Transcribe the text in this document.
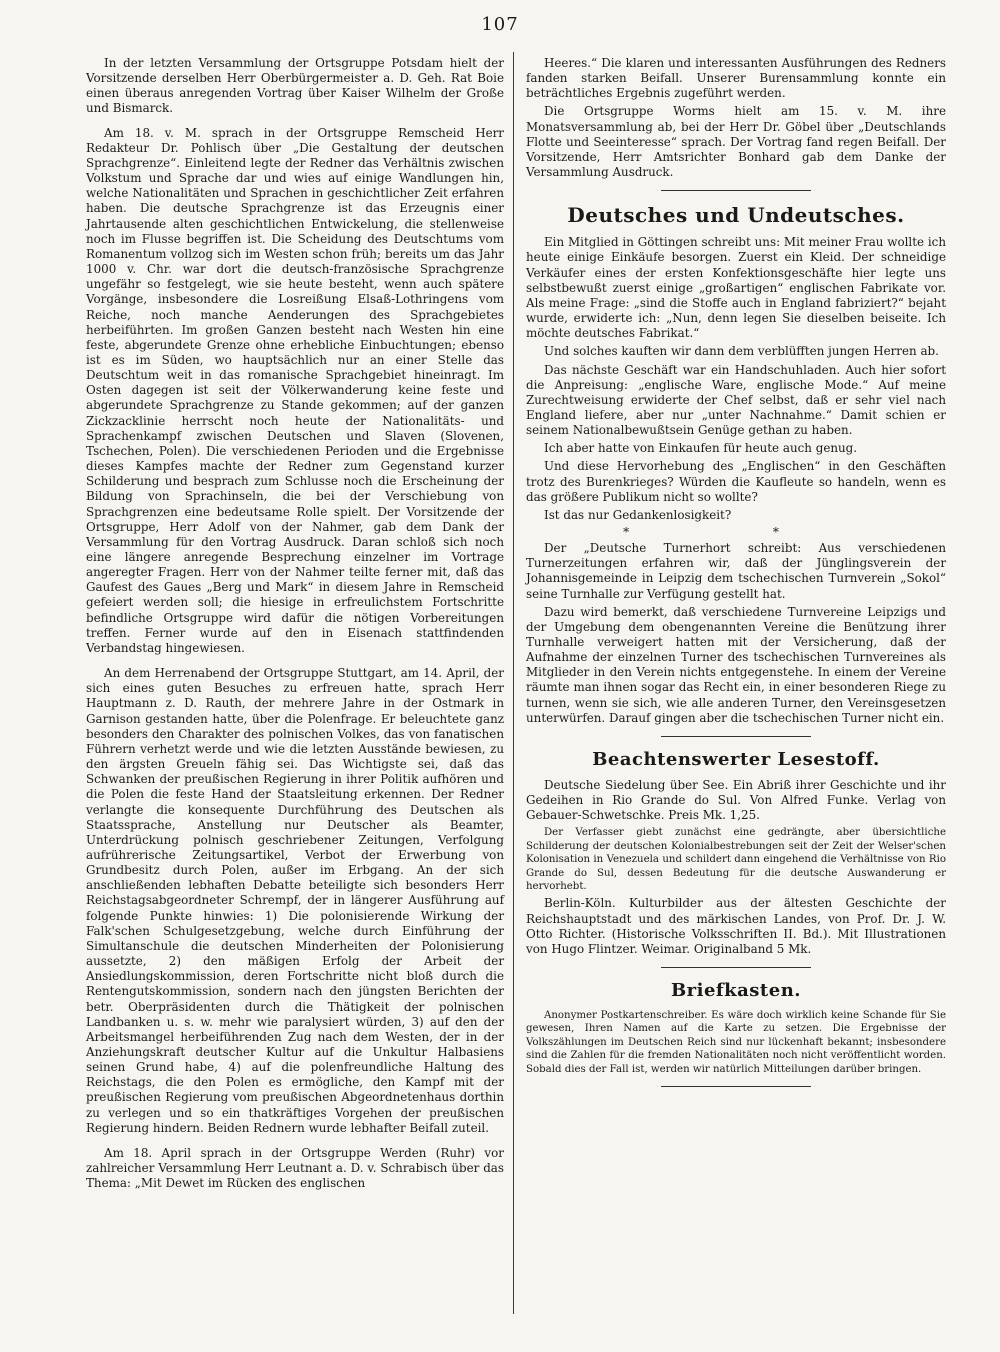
107

In der letzten Versammlung der Ortsgruppe Potsdam hielt der Vorsitzende derselben Herr Oberbürgermeister a. D. Geh. Rat Boie einen überaus anregenden Vortrag über Kaiser Wilhelm der Große und Bismarck.

Am 18. v. M. sprach in der Ortsgruppe Remscheid Herr Redakteur Dr. Pohlisch über „Die Gestaltung der deutschen Sprachgrenze“. Einleitend legte der Redner das Verhältnis zwischen Volkstum und Sprache dar und wies auf einige Wandlungen hin, welche Nationalitäten und Sprachen in geschichtlicher Zeit erfahren haben. Die deutsche Sprachgrenze ist das Erzeugnis einer Jahrtausende alten geschichtlichen Entwickelung, die stellenweise noch im Flusse begriffen ist. Die Scheidung des Deutschtums vom Romanentum vollzog sich im Westen schon früh; bereits um das Jahr 1000 v. Chr. war dort die deutsch-französische Sprachgrenze ungefähr so festgelegt, wie sie heute besteht, wenn auch spätere Vorgänge, insbesondere die Losreißung Elsaß-Lothringens vom Reiche, noch manche Aenderungen des Sprachgebietes herbeiführten. Im großen Ganzen besteht nach Westen hin eine feste, abgerundete Grenze ohne erhebliche Einbuchtungen; ebenso ist es im Süden, wo hauptsächlich nur an einer Stelle das Deutschtum weit in das romanische Sprachgebiet hineinragt. Im Osten dagegen ist seit der Völkerwanderung keine feste und abgerundete Sprachgrenze zu Stande gekommen; auf der ganzen Zickzacklinie herrscht noch heute der Nationalitäts- und Sprachenkampf zwischen Deutschen und Slaven (Slovenen, Tschechen, Polen). Die verschiedenen Perioden und die Ergebnisse dieses Kampfes machte der Redner zum Gegenstand kurzer Schilderung und besprach zum Schlusse noch die Erscheinung der Bildung von Sprachinseln, die bei der Verschiebung von Sprachgrenzen eine bedeutsame Rolle spielt. Der Vorsitzende der Ortsgruppe, Herr Adolf von der Nahmer, gab dem Dank der Versammlung für den Vortrag Ausdruck. Daran schloß sich noch eine längere anregende Besprechung einzelner im Vortrage angeregter Fragen. Herr von der Nahmer teilte ferner mit, daß das Gaufest des Gaues „Berg und Mark“ in diesem Jahre in Remscheid gefeiert werden soll; die hiesige in erfreulichstem Fortschritte befindliche Ortsgruppe wird dafür die nötigen Vorbereitungen treffen. Ferner wurde auf den in Eisenach stattfindenden Verbandstag hingewiesen.

An dem Herrenabend der Ortsgruppe Stuttgart, am 14. April, der sich eines guten Besuches zu erfreuen hatte, sprach Herr Hauptmann z. D. Rauth, der mehrere Jahre in der Ostmark in Garnison gestanden hatte, über die Polenfrage. Er beleuchtete ganz besonders den Charakter des polnischen Volkes, das von fanatischen Führern verhetzt werde und wie die letzten Ausstände bewiesen, zu den ärgsten Greueln fähig sei. Das Wichtigste sei, daß das Schwanken der preußischen Regierung in ihrer Politik aufhören und die Polen die feste Hand der Staatsleitung erkennen. Der Redner verlangte die konsequente Durchführung des Deutschen als Staatssprache, Anstellung nur Deutscher als Beamter, Unterdrückung polnisch geschriebener Zeitungen, Verfolgung aufrührerische Zeitungsartikel, Verbot der Erwerbung von Grundbesitz durch Polen, außer im Erbgang. An der sich anschließenden lebhaften Debatte beteiligte sich besonders Herr Reichstagsabgeordneter Schrempf, der in längerer Ausführung auf folgende Punkte hinwies: 1) Die polonisierende Wirkung der Falk'schen Schulgesetzgebung, welche durch Einführung der Simultanschule die deutschen Minderheiten der Polonisierung aussetzte, 2) den mäßigen Erfolg der Arbeit der Ansiedlungskommission, deren Fortschritte nicht bloß durch die Rentengutskommission, sondern nach den jüngsten Berichten der betr. Oberpräsidenten durch die Thätigkeit der polnischen Landbanken u. s. w. mehr wie paralysiert würden, 3) auf den der Arbeitsmangel herbeiführenden Zug nach dem Westen, der in der Anziehungskraft deutscher Kultur auf die Unkultur Halbasiens seinen Grund habe, 4) auf die polenfreundliche Haltung des Reichstags, die den Polen es ermögliche, den Kampf mit der preußischen Regierung vom preußischen Abgeordnetenhaus dorthin zu verlegen und so ein thatkräftiges Vorgehen der preußischen Regierung hindern. Beiden Rednern wurde lebhafter Beifall zuteil.

Am 18. April sprach in der Ortsgruppe Werden (Ruhr) vor zahlreicher Versammlung Herr Leutnant a. D. v. Schrabisch über das Thema: „Mit Dewet im Rücken des englischen

Heeres.“ Die klaren und interessanten Ausführungen des Redners fanden starken Beifall. Unserer Burensammlung konnte ein beträchtliches Ergebnis zugeführt werden.

Die Ortsgruppe Worms hielt am 15. v. M. ihre Monatsversammlung ab, bei der Herr Dr. Göbel über „Deutschlands Flotte und Seeinteresse“ sprach. Der Vortrag fand regen Beifall. Der Vorsitzende, Herr Amtsrichter Bonhard gab dem Danke der Versammlung Ausdruck.

Deutsches und Undeutsches.

Ein Mitglied in Göttingen schreibt uns: Mit meiner Frau wollte ich heute einige Einkäufe besorgen. Zuerst ein Kleid. Der schneidige Verkäufer eines der ersten Konfektionsgeschäfte hier legte uns selbstbewußt zuerst einige „großartigen“ englischen Fabrikate vor. Als meine Frage: „sind die Stoffe auch in England fabriziert?“ bejaht wurde, erwiderte ich: „Nun, denn legen Sie dieselben beiseite. Ich möchte deutsches Fabrikat.“

Und solches kauften wir dann dem verblüfften jungen Herren ab.

Das nächste Geschäft war ein Handschuhladen. Auch hier sofort die Anpreisung: „englische Ware, englische Mode.“ Auf meine Zurechtweisung erwiderte der Chef selbst, daß er sehr viel nach England liefere, aber nur „unter Nachnahme.“ Damit schien er seinem Nationalbewußtsein Genüge gethan zu haben.

Ich aber hatte von Einkaufen für heute auch genug.

Und diese Hervorhebung des „Englischen“ in den Geschäften trotz des Burenkrieges? Würden die Kaufleute so handeln, wenn es das größere Publikum nicht so wollte?

Ist das nur Gedankenlosigkeit?

* *

Der „Deutsche Turnerhort schreibt: Aus verschiedenen Turnerzeitungen erfahren wir, daß der Jünglingsverein der Johannisgemeinde in Leipzig dem tschechischen Turnverein „Sokol“ seine Turnhalle zur Verfügung gestellt hat.

Dazu wird bemerkt, daß verschiedene Turnvereine Leipzigs und der Umgebung dem obengenannten Vereine die Benützung ihrer Turnhalle verweigert hatten mit der Versicherung, daß der Aufnahme der einzelnen Turner des tschechischen Turnvereines als Mitglieder in den Verein nichts entgegenstehe. In einem der Vereine räumte man ihnen sogar das Recht ein, in einer besonderen Riege zu turnen, wenn sie sich, wie alle anderen Turner, den Vereinsgesetzen unterwürfen. Darauf gingen aber die tschechischen Turner nicht ein.

Beachtenswerter Lesestoff.

Deutsche Siedelung über See. Ein Abriß ihrer Geschichte und ihr Gedeihen in Rio Grande do Sul. Von Alfred Funke. Verlag von Gebauer-Schwetschke. Preis Mk. 1,25.

Der Verfasser giebt zunächst eine gedrängte, aber übersichtliche Schilderung der deutschen Kolonialbestrebungen seit der Zeit der Welser'schen Kolonisation in Venezuela und schildert dann eingehend die Verhältnisse von Rio Grande do Sul, dessen Bedeutung für die deutsche Auswanderung er hervorhebt.

Berlin-Köln. Kulturbilder aus der ältesten Geschichte der Reichshauptstadt und des märkischen Landes, von Prof. Dr. J. W. Otto Richter. (Historische Volksschriften II. Bd.). Mit Illustrationen von Hugo Flintzer. Weimar. Originalband 5 Mk.

Briefkasten.

Anonymer Postkartenschreiber. Es wäre doch wirklich keine Schande für Sie gewesen, Ihren Namen auf die Karte zu setzen. Die Ergebnisse der Volkszählungen im Deutschen Reich sind nur lückenhaft bekannt; insbesondere sind die Zahlen für die fremden Nationalitäten noch nicht veröffentlicht worden. Sobald dies der Fall ist, werden wir natürlich Mitteilungen darüber bringen.
